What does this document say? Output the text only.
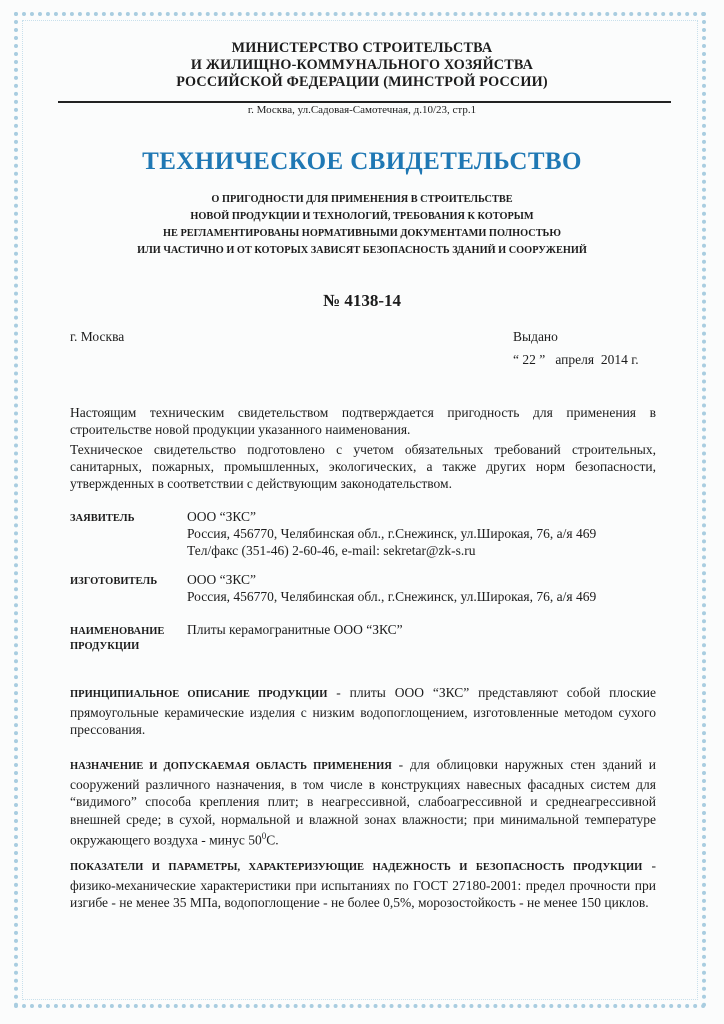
МИНИСТЕРСТВО СТРОИТЕЛЬСТВА
И ЖИЛИЩНО-КОММУНАЛЬНОГО ХОЗЯЙСТВА
РОССИЙСКОЙ ФЕДЕРАЦИИ (МИНСТРОЙ РОССИИ)
г. Москва, ул.Садовая-Самотечная, д.10/23, стр.1
ТЕХНИЧЕСКОЕ СВИДЕТЕЛЬСТВО
О ПРИГОДНОСТИ ДЛЯ ПРИМЕНЕНИЯ В СТРОИТЕЛЬСТВЕ
НОВОЙ ПРОДУКЦИИ И ТЕХНОЛОГИЙ, ТРЕБОВАНИЯ К КОТОРЫМ
НЕ РЕГЛАМЕНТИРОВАНЫ НОРМАТИВНЫМИ ДОКУМЕНТАМИ ПОЛНОСТЬЮ
ИЛИ ЧАСТИЧНО И ОТ КОТОРЫХ ЗАВИСЯТ БЕЗОПАСНОСТЬ ЗДАНИЙ И СООРУЖЕНИЙ
№ 4138-14
г. Москва	Выдано
“ 22 ”   апреля  2014 г.
Настоящим техническим свидетельством подтверждается пригодность для применения в строительстве новой продукции указанного наименования.
Техническое свидетельство подготовлено с учетом обязательных требований строительных, санитарных, пожарных, промышленных, экологических, а также других норм безопасности, утвержденных в соответствии с действующим законодательством.
ЗАЯВИТЕЛЬ	ООО “ЗКС”
Россия, 456770, Челябинская обл., г.Снежинск, ул.Широкая, 76, а/я 469
Тел/факс (351-46) 2-60-46, e-mail: sekretar@zk-s.ru
ИЗГОТОВИТЕЛЬ ООО “ЗКС”
Россия, 456770, Челябинская обл., г.Снежинск, ул.Широкая, 76, а/я 469
НАИМЕНОВАНИЕ
ПРОДУКЦИИ
Плиты керамогранитные ООО “ЗКС”
ПРИНЦИПИАЛЬНОЕ ОПИСАНИЕ ПРОДУКЦИИ - плиты ООО “ЗКС” представляют собой плоские прямоугольные керамические изделия с низким водопоглощением, изготовленные методом сухого прессования.
НАЗНАЧЕНИЕ И ДОПУСКАЕМАЯ ОБЛАСТЬ ПРИМЕНЕНИЯ - для облицовки наружных стен зданий и сооружений различного назначения, в том числе в конструкциях навесных фасадных систем для “видимого” способа крепления плит; в неагрессивной, слабоагрессивной и среднеагрессивной внешней среде; в сухой, нормальной и влажной зонах влажности; при минимальной температуре окружающего воздуха - минус $50^0С$.
ПОКАЗАТЕЛИ И ПАРАМЕТРЫ, ХАРАКТЕРИЗУЮЩИЕ НАДЕЖНОСТЬ И БЕЗОПАСНОСТЬ ПРОДУКЦИИ - физико-механические характеристики при испытаниях по ГОСТ 27180-2001: предел прочности при изгибе - не менее 35 МПа, водопоглощение - не более 0,5%, морозостойкость - не менее 150 циклов.
